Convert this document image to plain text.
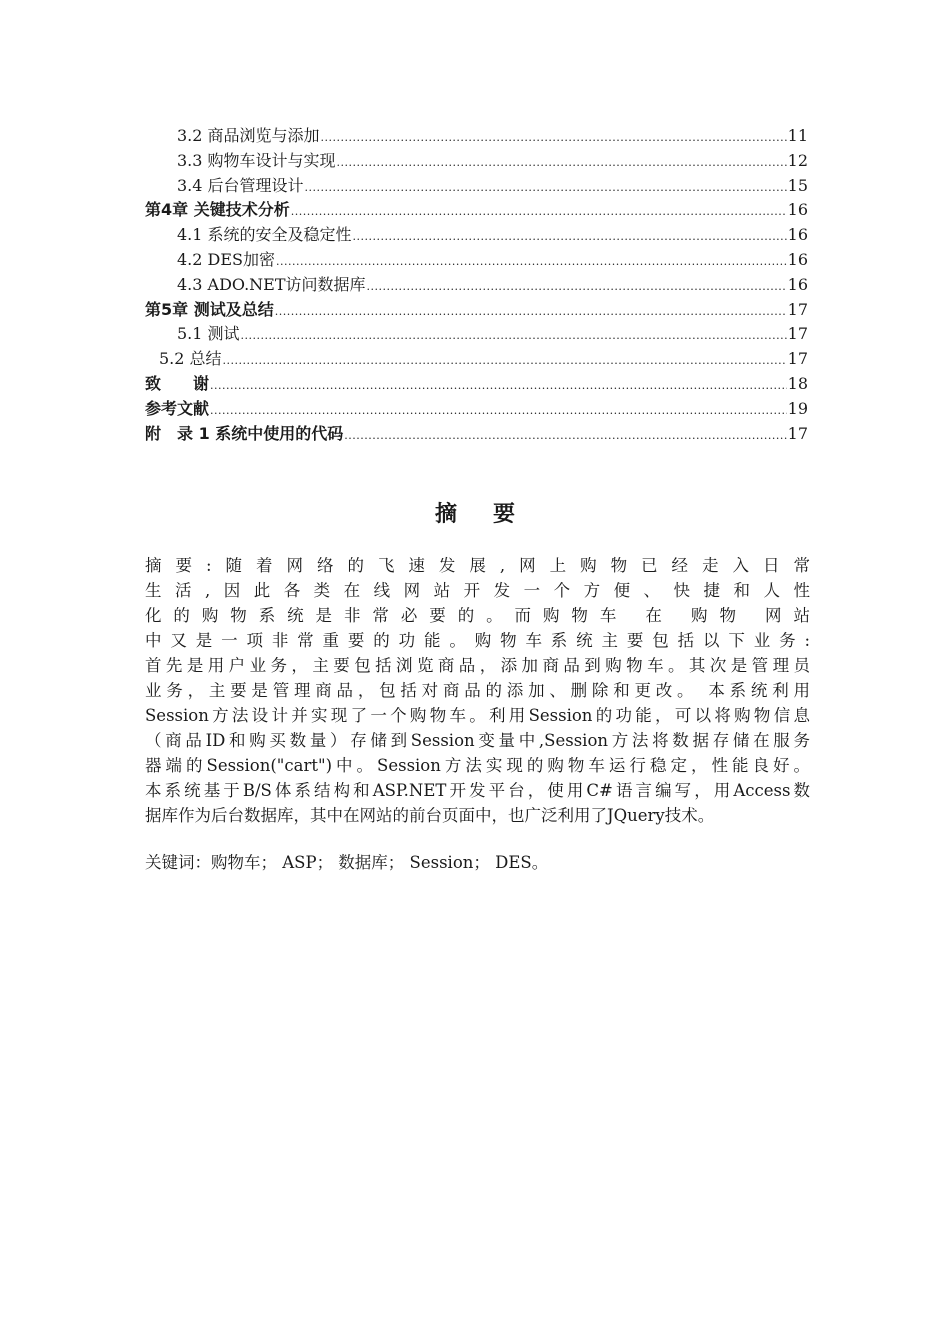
3.2 商品浏览与添加 .....	11
3.3 购物车设计与实现 .....	12
3.4 后台管理设计 .....	15
第4章 关键技术分析 .....	16
4.1 系统的安全及稳定性 .....	16
4.2 DES加密 .....	16
4.3 ADO.NET访问数据库 .....	16
第5章 测试及总结 .....	17
5.1 测试 .....	17
5.2 总结 .....	17
致　　谢 .....	18
参考文献 .....	19
附　录 1 系统中使用的代码 .....	17
摘要
摘要:随着网络的飞速发展,网上购物已经走入日常
生活,因此各类在线网站开发一个方便、快捷和人性
化的购物系统是非常必要的。而购物车 在 购物 网站
中又是一项非常重要的功能。购物车系统主要包括以下业务:
首先是用户业务，主要包括浏览商品，添加商品到购物车。其次是管理员
业务，主要是管理商品，包括对商品的添加、删除和更改。 本系统利用
Session方法设计并实现了一个购物车。利用Session的功能，可以将购物信息
（商品ID和购买数量）存储到Session变量中,Session方法将数据存储在服务
器端的Session("cart")中。Session方法实现的购物车运行稳定，性能良好。
本系统基于B/S体系结构和ASP.NET开发平台，使用C#语言编写，用Access数
据库作为后台数据库，其中在网站的前台页面中，也广泛利用了JQuery技术。
关键词：购物车； ASP； 数据库； Session； DES。
